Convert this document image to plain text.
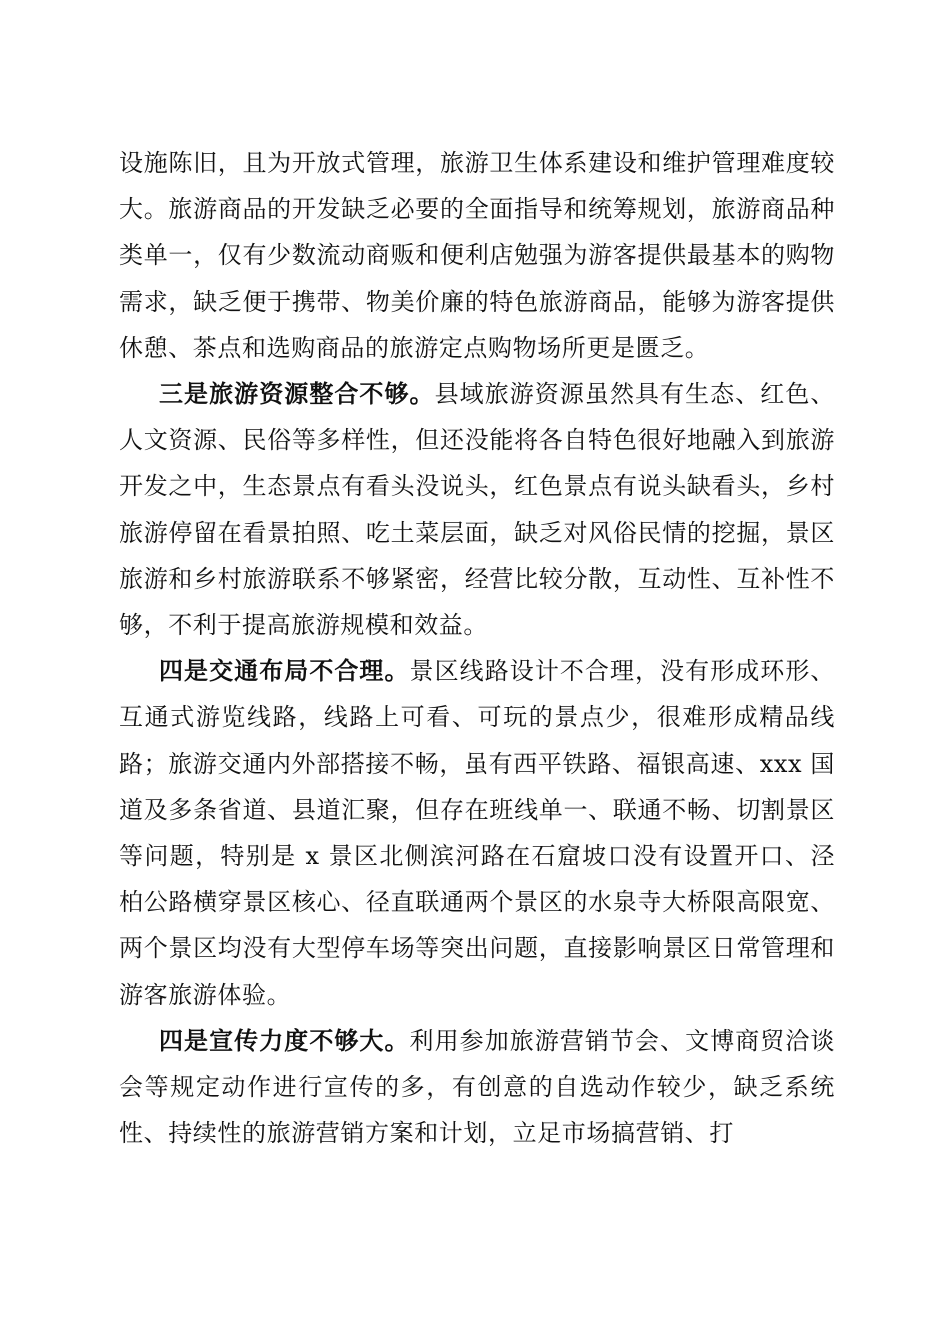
设施陈旧，且为开放式管理，旅游卫生体系建设和维护管理难度较大。旅游商品的开发缺乏必要的全面指导和统筹规划，旅游商品种类单一，仅有少数流动商贩和便利店勉强为游客提供最基本的购物需求，缺乏便于携带、物美价廉的特色旅游商品，能够为游客提供休憩、茶点和选购商品的旅游定点购物场所更是匮乏。

三是旅游资源整合不够。县域旅游资源虽然具有生态、红色、人文资源、民俗等多样性，但还没能将各自特色很好地融入到旅游开发之中，生态景点有看头没说头，红色景点有说头缺看头，乡村旅游停留在看景拍照、吃土菜层面，缺乏对风俗民情的挖掘，景区旅游和乡村旅游联系不够紧密，经营比较分散，互动性、互补性不够，不利于提高旅游规模和效益。

四是交通布局不合理。景区线路设计不合理，没有形成环形、互通式游览线路，线路上可看、可玩的景点少，很难形成精品线路；旅游交通内外部搭接不畅，虽有西平铁路、福银高速、xxx 国道及多条省道、县道汇聚，但存在班线单一、联通不畅、切割景区等问题，特别是 x 景区北侧滨河路在石窟坡口没有设置开口、泾柏公路横穿景区核心、径直联通两个景区的水泉寺大桥限高限宽、两个景区均没有大型停车场等突出问题，直接影响景区日常管理和游客旅游体验。

四是宣传力度不够大。利用参加旅游营销节会、文博商贸洽谈会等规定动作进行宣传的多，有创意的自选动作较少，缺乏系统性、持续性的旅游营销方案和计划，立足市场搞营销、打
